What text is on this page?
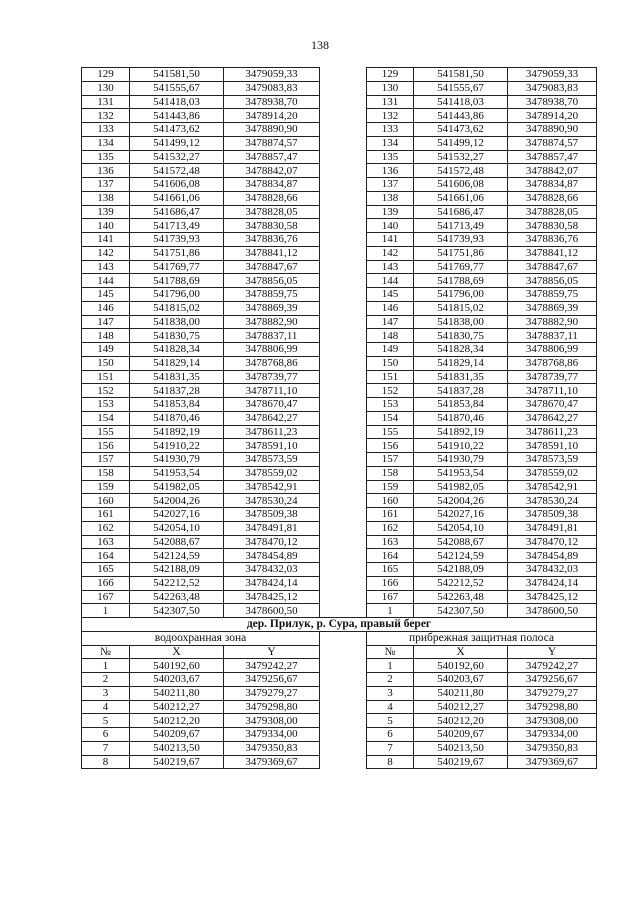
138
129	541581,50	3479059,33		129	541581,50	3479059,33
130	541555,67	3479083,83		130	541555,67	3479083,83
131	541418,03	3478938,70		131	541418,03	3478938,70
132	541443,86	3478914,20		132	541443,86	3478914,20
133	541473,62	3478890,90		133	541473,62	3478890,90
134	541499,12	3478874,57		134	541499,12	3478874,57
135	541532,27	3478857,47		135	541532,27	3478857,47
136	541572,48	3478842,07		136	541572,48	3478842,07
137	541606,08	3478834,87		137	541606,08	3478834,87
138	541661,06	3478828,66		138	541661,06	3478828,66
139	541686,47	3478828,05		139	541686,47	3478828,05
140	541713,49	3478830,58		140	541713,49	3478830,58
141	541739,93	3478836,76		141	541739,93	3478836,76
142	541751,86	3478841,12		142	541751,86	3478841,12
143	541769,77	3478847,67		143	541769,77	3478847,67
144	541788,69	3478856,05		144	541788,69	3478856,05
145	541796,00	3478859,75		145	541796,00	3478859,75
146	541815,02	3478869,39		146	541815,02	3478869,39
147	541838,00	3478882,90		147	541838,00	3478882,90
148	541830,75	3478837,11		148	541830,75	3478837,11
149	541828,34	3478806,99		149	541828,34	3478806,99
150	541829,14	3478768,86		150	541829,14	3478768,86
151	541831,35	3478739,77		151	541831,35	3478739,77
152	541837,28	3478711,10		152	541837,28	3478711,10
153	541853,84	3478670,47		153	541853,84	3478670,47
154	541870,46	3478642,27		154	541870,46	3478642,27
155	541892,19	3478611,23		155	541892,19	3478611,23
156	541910,22	3478591,10		156	541910,22	3478591,10
157	541930,79	3478573,59		157	541930,79	3478573,59
158	541953,54	3478559,02		158	541953,54	3478559,02
159	541982,05	3478542,91		159	541982,05	3478542,91
160	542004,26	3478530,24		160	542004,26	3478530,24
161	542027,16	3478509,38		161	542027,16	3478509,38
162	542054,10	3478491,81		162	542054,10	3478491,81
163	542088,67	3478470,12		163	542088,67	3478470,12
164	542124,59	3478454,89		164	542124,59	3478454,89
165	542188,09	3478432,03		165	542188,09	3478432,03
166	542212,52	3478424,14		166	542212,52	3478424,14
167	542263,48	3478425,12		167	542263,48	3478425,12
1	542307,50	3478600,50		1	542307,50	3478600,50
дер. Прилук, р. Сура, правый берег						
водоохранная зона				прибрежная защитная полоса		
№	X	Y		№	X	Y
1	540192,60	3479242,27		1	540192,60	3479242,27
2	540203,67	3479256,67		2	540203,67	3479256,67
3	540211,80	3479279,27		3	540211,80	3479279,27
4	540212,27	3479298,80		4	540212,27	3479298,80
5	540212,20	3479308,00		5	540212,20	3479308,00
6	540209,67	3479334,00		6	540209,67	3479334,00
7	540213,50	3479350,83		7	540213,50	3479350,83
8	540219,67	3479369,67		8	540219,67	3479369,67
